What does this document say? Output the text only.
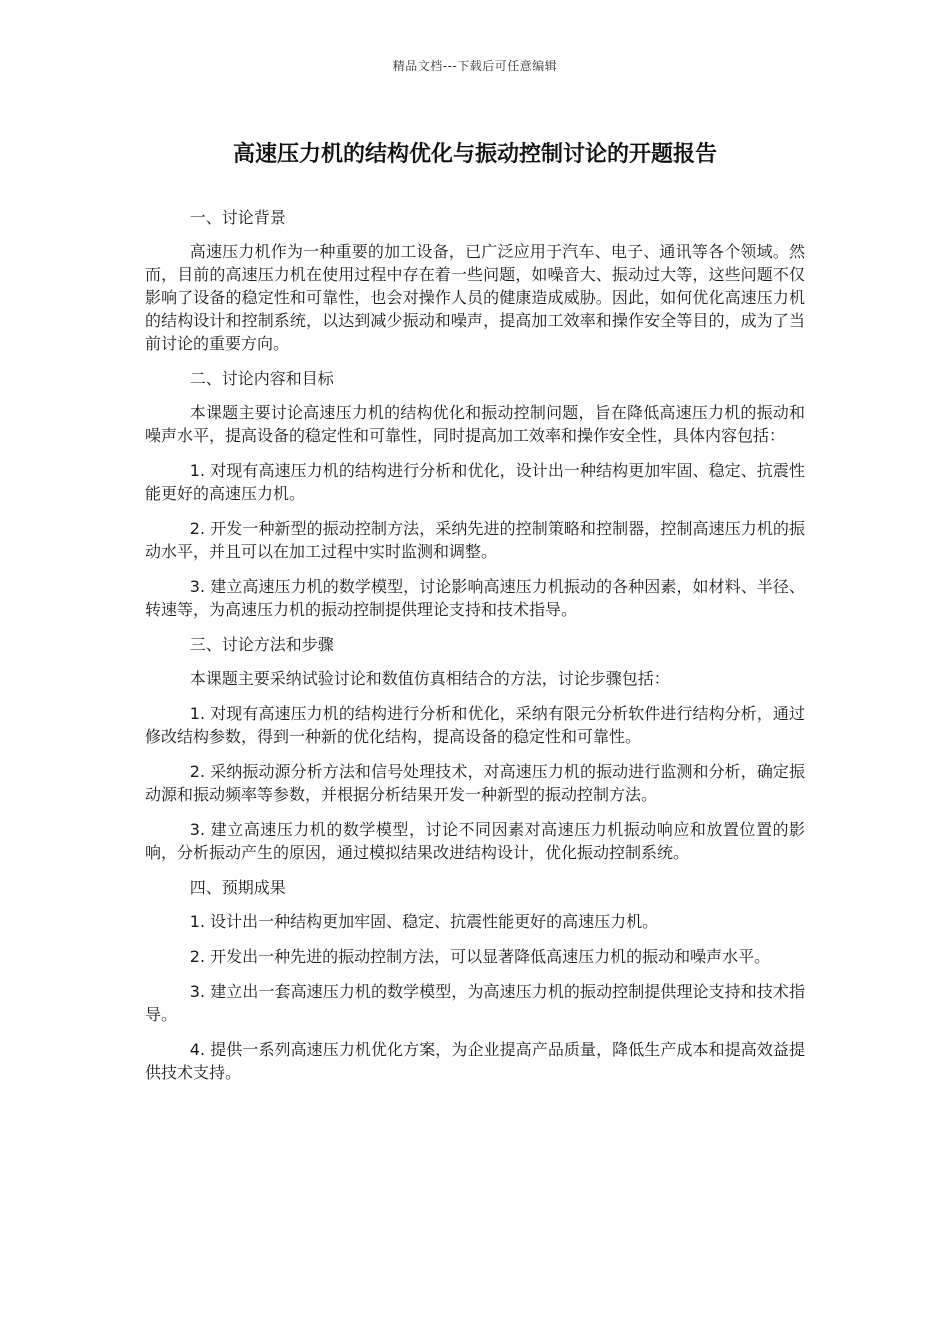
精品文档---下载后可任意编辑
高速压力机的结构优化与振动控制讨论的开题报告

一、讨论背景

高速压力机作为一种重要的加工设备，已广泛应用于汽车、电子、通讯等各个领域。然而，目前的高速压力机在使用过程中存在着一些问题，如噪音大、振动过大等，这些问题不仅影响了设备的稳定性和可靠性，也会对操作人员的健康造成威胁。因此，如何优化高速压力机的结构设计和控制系统，以达到减少振动和噪声，提高加工效率和操作安全等目的，成为了当前讨论的重要方向。

二、讨论内容和目标

本课题主要讨论高速压力机的结构优化和振动控制问题，旨在降低高速压力机的振动和噪声水平，提高设备的稳定性和可靠性，同时提高加工效率和操作安全性，具体内容包括：

1. 对现有高速压力机的结构进行分析和优化，设计出一种结构更加牢固、稳定、抗震性能更好的高速压力机。

2. 开发一种新型的振动控制方法，采纳先进的控制策略和控制器，控制高速压力机的振动水平，并且可以在加工过程中实时监测和调整。

3. 建立高速压力机的数学模型，讨论影响高速压力机振动的各种因素，如材料、半径、转速等，为高速压力机的振动控制提供理论支持和技术指导。

三、讨论方法和步骤

本课题主要采纳试验讨论和数值仿真相结合的方法，讨论步骤包括：

1. 对现有高速压力机的结构进行分析和优化，采纳有限元分析软件进行结构分析，通过修改结构参数，得到一种新的优化结构，提高设备的稳定性和可靠性。

2. 采纳振动源分析方法和信号处理技术，对高速压力机的振动进行监测和分析，确定振动源和振动频率等参数，并根据分析结果开发一种新型的振动控制方法。

3. 建立高速压力机的数学模型，讨论不同因素对高速压力机振动响应和放置位置的影响，分析振动产生的原因，通过模拟结果改进结构设计，优化振动控制系统。

四、预期成果

1. 设计出一种结构更加牢固、稳定、抗震性能更好的高速压力机。

2. 开发出一种先进的振动控制方法，可以显著降低高速压力机的振动和噪声水平。

3. 建立出一套高速压力机的数学模型，为高速压力机的振动控制提供理论支持和技术指导。

4. 提供一系列高速压力机优化方案，为企业提高产品质量，降低生产成本和提高效益提供技术支持。
